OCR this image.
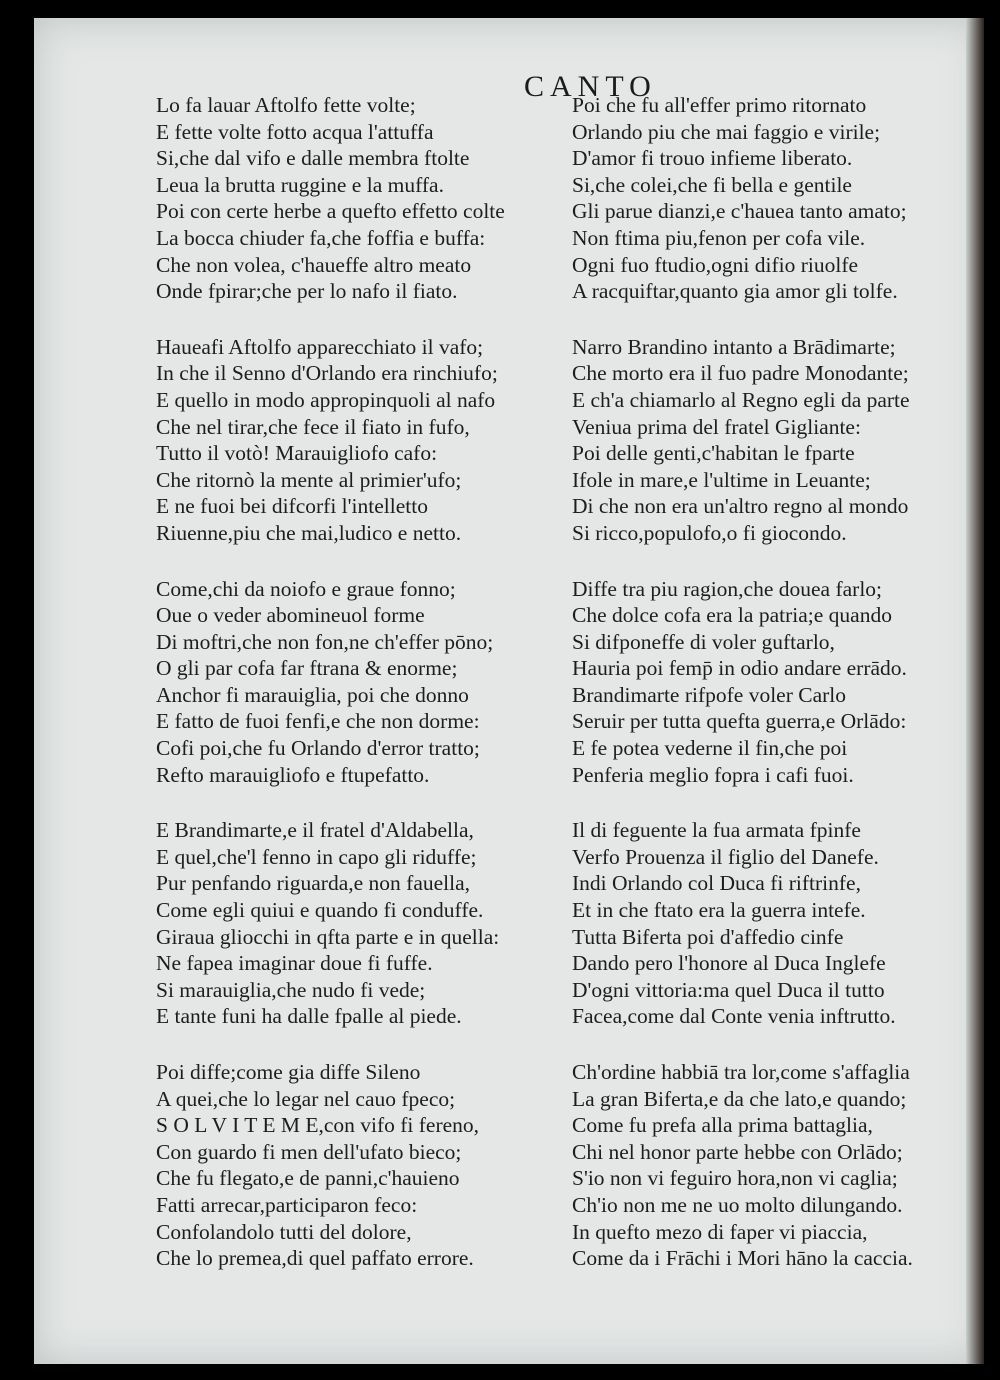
CANTO
Lo fa lauar Aftolfo fette volte;
E fette volte fotto acqua l'attuffa
Si,che dal vifo e dalle membra ftolte
Leua la brutta ruggine e la muffa.
Poi con certe herbe a quefto effetto colte
La bocca chiuder fa,che foffia e buffa:
Che non volea, c'haueffe altro meato
Onde fpirar;che per lo nafo il fiato.
Haueafi Aftolfo apparecchiato il vafo;
In che il Senno d'Orlando era rinchiufo;
E quello in modo appropinquoli al nafo
Che nel tirar,che fece il fiato in fufo,
Tutto il votò! Marauigliofo cafo:
Che ritornò la mente al primier'ufo;
E ne fuoi bei difcorfi l'intelletto
Riuenne,piu che mai,ludico e netto.
Come,chi da noiofo e graue fonno;
Oue o veder abomineuol forme
Di moftri,che non fon,ne ch'effer pōno;
O gli par cofa far ftrana & enorme;
Anchor fi marauiglia, poi che donno
E fatto de fuoi fenfi,e che non dorme:
Cofi poi,che fu Orlando d'error tratto;
Refto marauigliofo e ftupefatto.
E Brandimarte,e il fratel d'Aldabella,
E quel,che'l fenno in capo gli riduffe;
Pur penfando riguarda,e non fauella,
Come egli quiui e quando fi conduffe.
Giraua gliocchi in qfta parte e in quella:
Ne fapea imaginar doue fi fuffe.
Si marauiglia,che nudo fi vede;
E tante funi ha dalle fpalle al piede.
Poi diffe;come gia diffe Sileno
A quei,che lo legar nel cauo fpeco;
S O L V I T E M E,con vifo fi fereno,
Con guardo fi men dell'ufato bieco;
Che fu flegato,e de panni,c'hauieno
Fatti arrecar,participaron feco:
Confolandolo tutti del dolore,
Che lo premea,di quel paffato errore.
Poi che fu all'effer primo ritornato
Orlando piu che mai faggio e virile;
D'amor fi trouo infieme liberato.
Si,che colei,che fi bella e gentile
Gli parue dianzi,e c'hauea tanto amato;
Non ftima piu,fenon per cofa vile.
Ogni fuo ftudio,ogni difio riuolfe
A racquiftar,quanto gia amor gli tolfe.
Narro Brandino intanto a Brādimarte;
Che morto era il fuo padre Monodante;
E ch'a chiamarlo al Regno egli da parte
Veniua prima del fratel Gigliante:
Poi delle genti,c'habitan le fparte
Ifole in mare,e l'ultime in Leuante;
Di che non era un'altro regno al mondo
Si ricco,populofo,o fi giocondo.
Diffe tra piu ragion,che douea farlo;
Che dolce cofa era la patria;e quando
Si difponeffe di voler guftarlo,
Hauria poi femp̄ in odio andare errādo.
Brandimarte rifpofe voler Carlo
Seruir per tutta quefta guerra,e Orlādo:
E fe potea vederne il fin,che poi
Penferia meglio fopra i cafi fuoi.
Il di feguente la fua armata fpinfe
Verfo Prouenza il figlio del Danefe.
Indi Orlando col Duca fi riftrinfe,
Et in che ftato era la guerra intefe.
Tutta Biferta poi d'affedio cinfe
Dando pero l'honore al Duca Inglefe
D'ogni vittoria:ma quel Duca il tutto
Facea,come dal Conte venia inftrutto.
Ch'ordine habbiā tra lor,come s'affaglia
La gran Biferta,e da che lato,e quando;
Come fu prefa alla prima battaglia,
Chi nel honor parte hebbe con Orlādo;
S'io non vi feguiro hora,non vi caglia;
Ch'io non me ne uo molto dilungando.
In quefto mezo di faper vi piaccia,
Come da i Frāchi i Mori hāno la caccia.
